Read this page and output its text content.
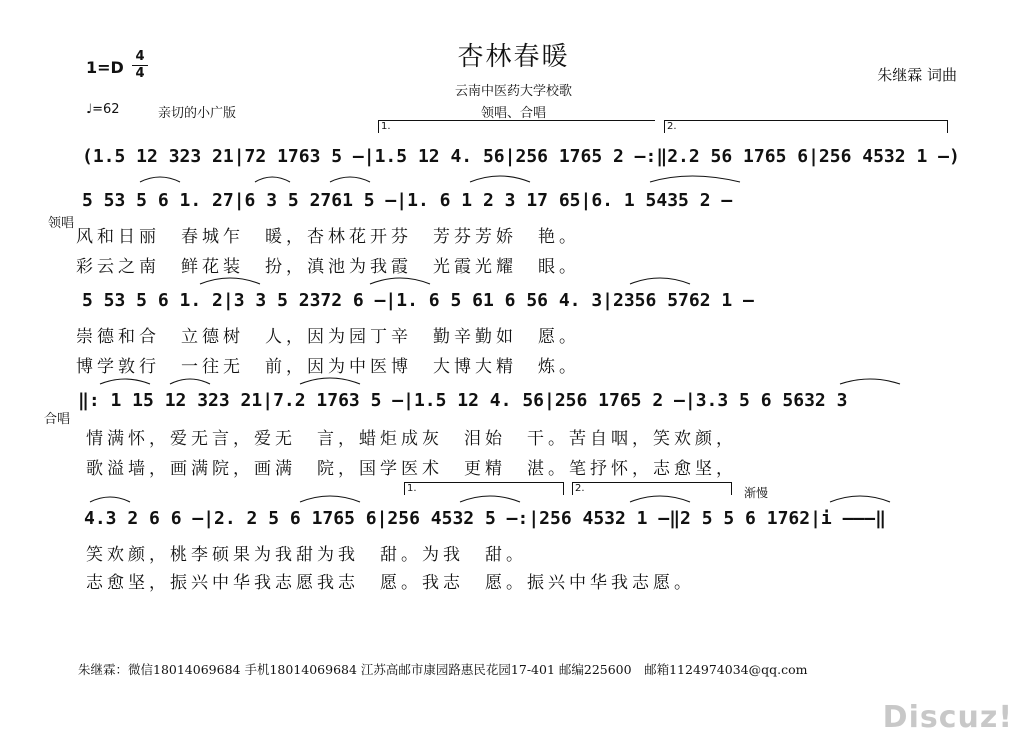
杏林春暖
云南中医药大学校歌
领唱、合唱
朱继霖 词曲
1=D
4
4
♩=62	亲切的小广版
1.	2.
1.	2.	渐慢
领唱
合唱
(1.5 12 323 21|72 1763 5 –|1.5 12 4. 56|256 1765 2 –:‖2.2 56 1765 6|256 4532 1 –)
5 53 5 6 1. 27|6 3 5 2761 5 –|1. 6 1 2 3 17 65|6. 1 5435 2 –
风和日丽　春城乍　暖，杏林花开芬　芳芬芳娇　艳。
彩云之南　鲜花装　扮，滇池为我霞　光霞光耀　眼。
5 53 5 6 1. 2|3 3 5 2372 6 –|1. 6 5 61 6 56 4. 3|2356 5762 1 –
崇德和合　立德树　人，因为园丁辛　勤辛勤如　愿。
博学敦行　一往无　前，因为中医博　大博大精　炼。
‖: 1 15 12 323 21|7.2 1763 5 –|1.5 12 4. 56|256 1765 2 –|3.3 5 6 5632 3
情满怀，爱无言，爱无　言，蜡炬成灰　泪始　干。苦自咽，笑欢颜，
歌溢墙，画满院，画满　院，国学医术　更精　湛。笔抒怀，志愈坚，
4.3 2 6 6 –|2. 2 5 6 1765 6|256 4532 5 –:|256 4532 1 –‖2 5 5 6 1762|i –––‖
笑欢颜，桃李硕果为我甜为我　甜。为我　甜。
志愈坚，振兴中华我志愿我志　愿。我志　愿。振兴中华我志愿。
朱继霖：微信18014069684 手机18014069684 江苏高邮市康园路惠民花园17-401 邮编225600　邮箱1124974034@qq.com
Discuz!
